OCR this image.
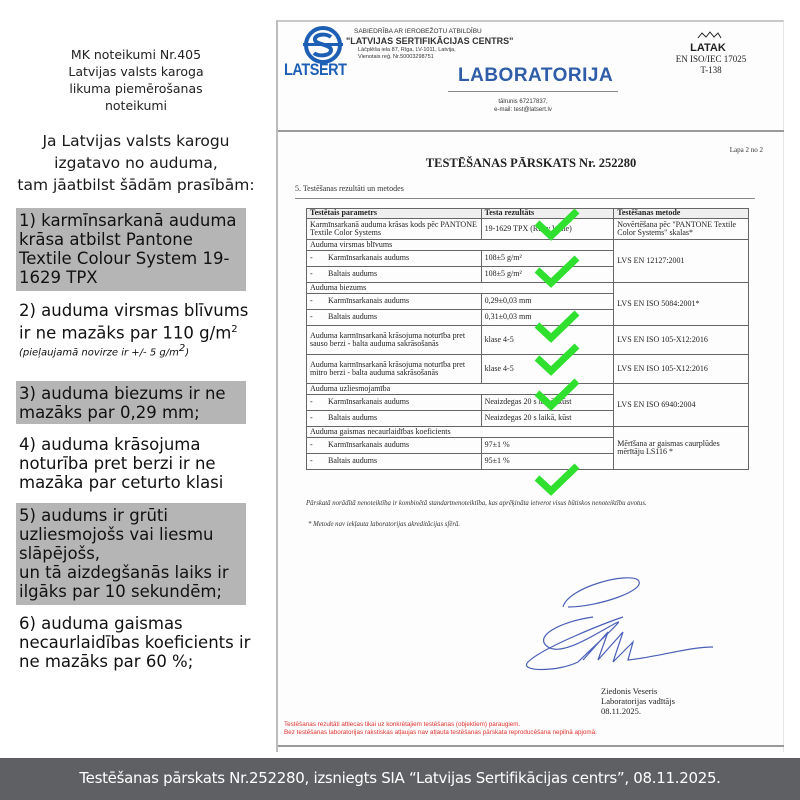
MK noteikumi Nr.405
Latvijas valsts karoga
likuma piemērošanas
noteikumi
Ja Latvijas valsts karogu
izgatavo no auduma,
tam jāatbilst šādām prasībām:
1) karmīnsarkanā auduma krāsa atbilst Pantone Textile Colour System 19-1629 TPX
2) auduma virsmas blīvums ir ne mazāks par 110 $g/m^2$
(pieļaujamā novirze ir +/- 5 $g/m^2$)
3) auduma biezums ir ne mazāks par 0,29 mm;
4) auduma krāsojuma noturība pret berzi ir ne mazāka par ceturto klasi
5) audums ir grūti uzliesmojošs vai liesmu slāpējošs,
un tā aizdegšanās laiks ir ilgāks par 10 sekundēm;
6) auduma gaismas necaurlaidības koeficients ir ne mazāks par 60 %;
LATSERT
SABIEDRĪBA AR IEROBEŽOTU ATBILDĪBU
"LATVIJAS SERTIFIKĀCIJAS CENTRS"
Lāčplēša iela 87, Rīga, LV-1011, Latvija,
Vienotais reģ. Nr.50003298751
LABORATORIJA
tālrunis 67217837,
e-mail: test@latsert.lv
LATAK
EN ISO/IEC 17025
T-138
Lapa 2 no 2
TESTĒŠANAS PĀRSKATS Nr. 252280
5. Testēšanas rezultāti un metodes
Testētais parametrs	Testa rezultāts	Testēšanas metode
Karmīnsarkanā auduma krāsas kods pēc PANTONE Textile Color Systems	19-1629 TPX (Ruby Wine)	Novērtēšana pēc "PANTONE Textile Color Systems" skalas*
Auduma virsmas blīvums		LVS EN 12127:2001
- Karmīnsarkanais audums	108±5 g/m²	
- Baltais audums	108±5 g/m²	
Auduma biezums		LVS EN ISO 5084:2001*
- Karmīnsarkanais audums	0,29±0,03 mm	
- Baltais audums	0,31±0,03 mm	
Auduma karmīnsarkanā krāsojuma noturība pret sauso berzi - balta auduma sakrāsošanās	klase 4-5	LVS EN ISO 105-X12:2016
Auduma karmīnsarkanā krāsojuma noturība pret mitro berzi - balta auduma sakrāsošanās	klase 4-5	LVS EN ISO 105-X12:2016
Auduma uzliesmojamība		LVS EN ISO 6940:2004
- Karmīnsarkanais audums	Neaizdegas 20 s laikā, kūst	
- Baltais audums	Neaizdegas 20 s laikā, kūst	
Auduma gaismas necaurlaidības koeficients		Mērīšana ar gaismas caurplūdes mērītāju LS116 *
- Karmīnsarkanais audums	97±1 %	
- Baltais audums	95±1 %	
Pārskatā norādītā nenoteiktība ir kombinētā standartnenoteiktība, kas aprēķināta ietverot visus būtiskos nenoteiktību avotus.
* Metode nav iekļauta laboratorijas akreditācijas sfērā.
Ziedonis Veseris
Laboratorijas vadītājs
08.11.2025.
Testēšanas rezultāti attiecas tikai uz konkrētajiem testēšanas (objektiem) paraugiem.
Bez testēšanas laboratorijas rakstiskas atļaujas nav atļauta testēšanas pārskata reproducēšana nepilnā apjomā.
Testēšanas pārskats Nr.252280, izsniegts SIA “Latvijas Sertifikācijas centrs”, 08.11.2025.
